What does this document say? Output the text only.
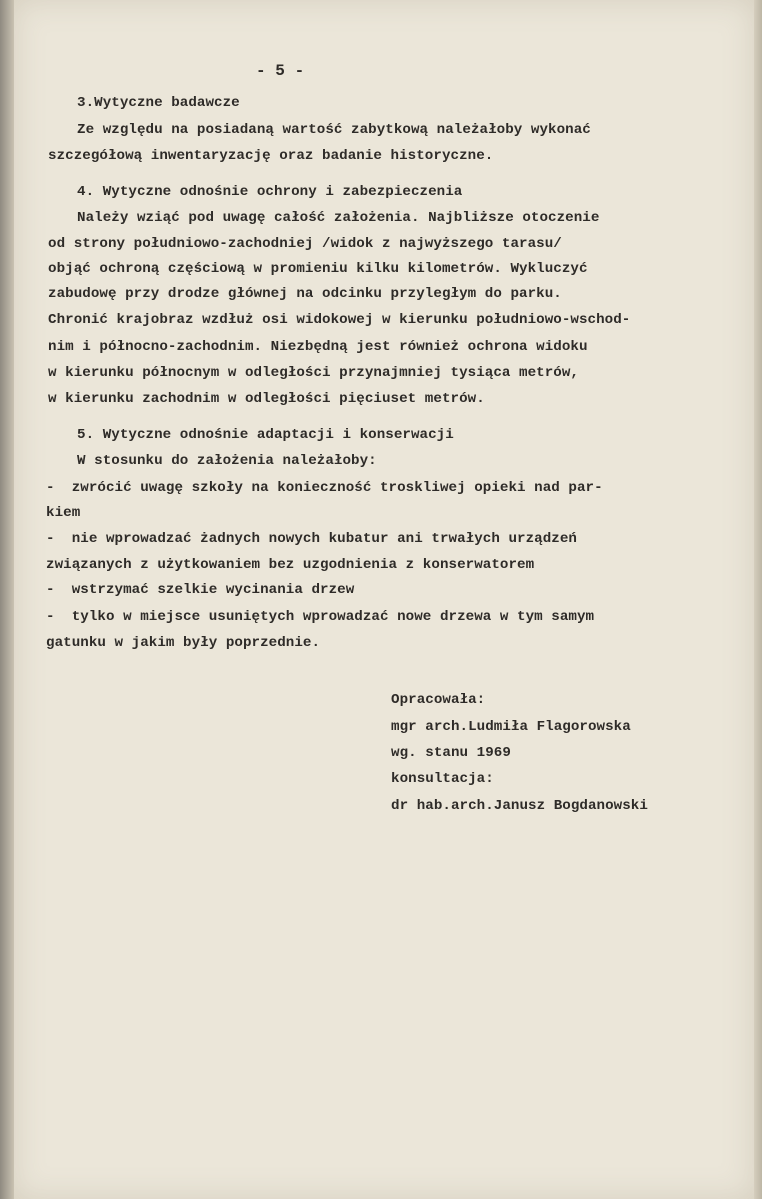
- 5 -
3.Wytyczne badawcze
Ze względu na posiadaną wartość zabytkową należałoby wykonać
szczegółową inwentaryzację oraz badanie historyczne.
4. Wytyczne odnośnie ochrony i zabezpieczenia
Należy wziąć pod uwagę całość założenia. Najbliższe otoczenie
od strony południowo-zachodniej /widok z najwyższego tarasu/
objąć ochroną częściową w promieniu kilku kilometrów. Wykluczyć
zabudowę przy drodze głównej na odcinku przyległym do parku.
Chronić krajobraz wzdłuż osi widokowej w kierunku południowo-wschod-
nim i północno-zachodnim. Niezbędną jest również ochrona widoku
w kierunku północnym w odległości przynajmniej tysiąca metrów,
w kierunku zachodnim w odległości pięciuset metrów.
5. Wytyczne odnośnie adaptacji i konserwacji
W stosunku do założenia należałoby:
-  zwrócić uwagę szkoły na konieczność troskliwej opieki nad par-
kiem
-  nie wprowadzać żadnych nowych kubatur ani trwałych urządzeń
związanych z użytkowaniem bez uzgodnienia z konserwatorem
-  wstrzymać szelkie wycinania drzew
-  tylko w miejsce usuniętych wprowadzać nowe drzewa w tym samym
gatunku w jakim były poprzednie.
Opracowała:
mgr arch.Ludmiła Flagorowska
wg. stanu 1969
konsultacja:
dr hab.arch.Janusz Bogdanowski
